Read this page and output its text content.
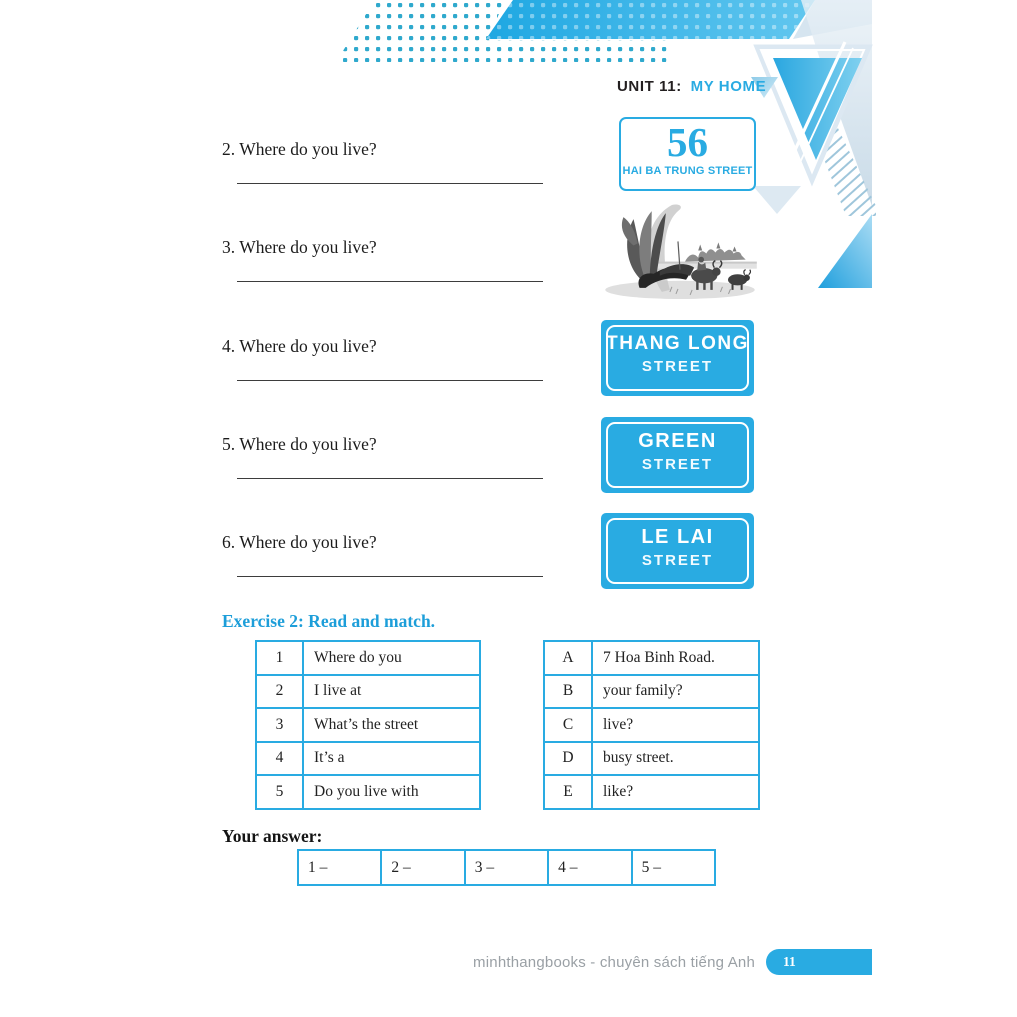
UNIT 11: MY HOME
2. Where do you live?
3. Where do you live?
4. Where do you live?
5. Where do you live?
6. Where do you live?
56
HAI BA TRUNG STREET
THANG LONG
STREET
GREEN
STREET
LE LAI
STREET
Exercise 2: Read and match.
1	Where do you
2	I live at
3	What’s the street
4	It’s a
5	Do you live with
A	7 Hoa Binh Road.
B	your family?
C	live?
D	busy street.
E	like?
Your answer:
1 –	2 –	3 –	4 –	5 –
minhthangbooks - chuyên sách tiếng Anh	11
